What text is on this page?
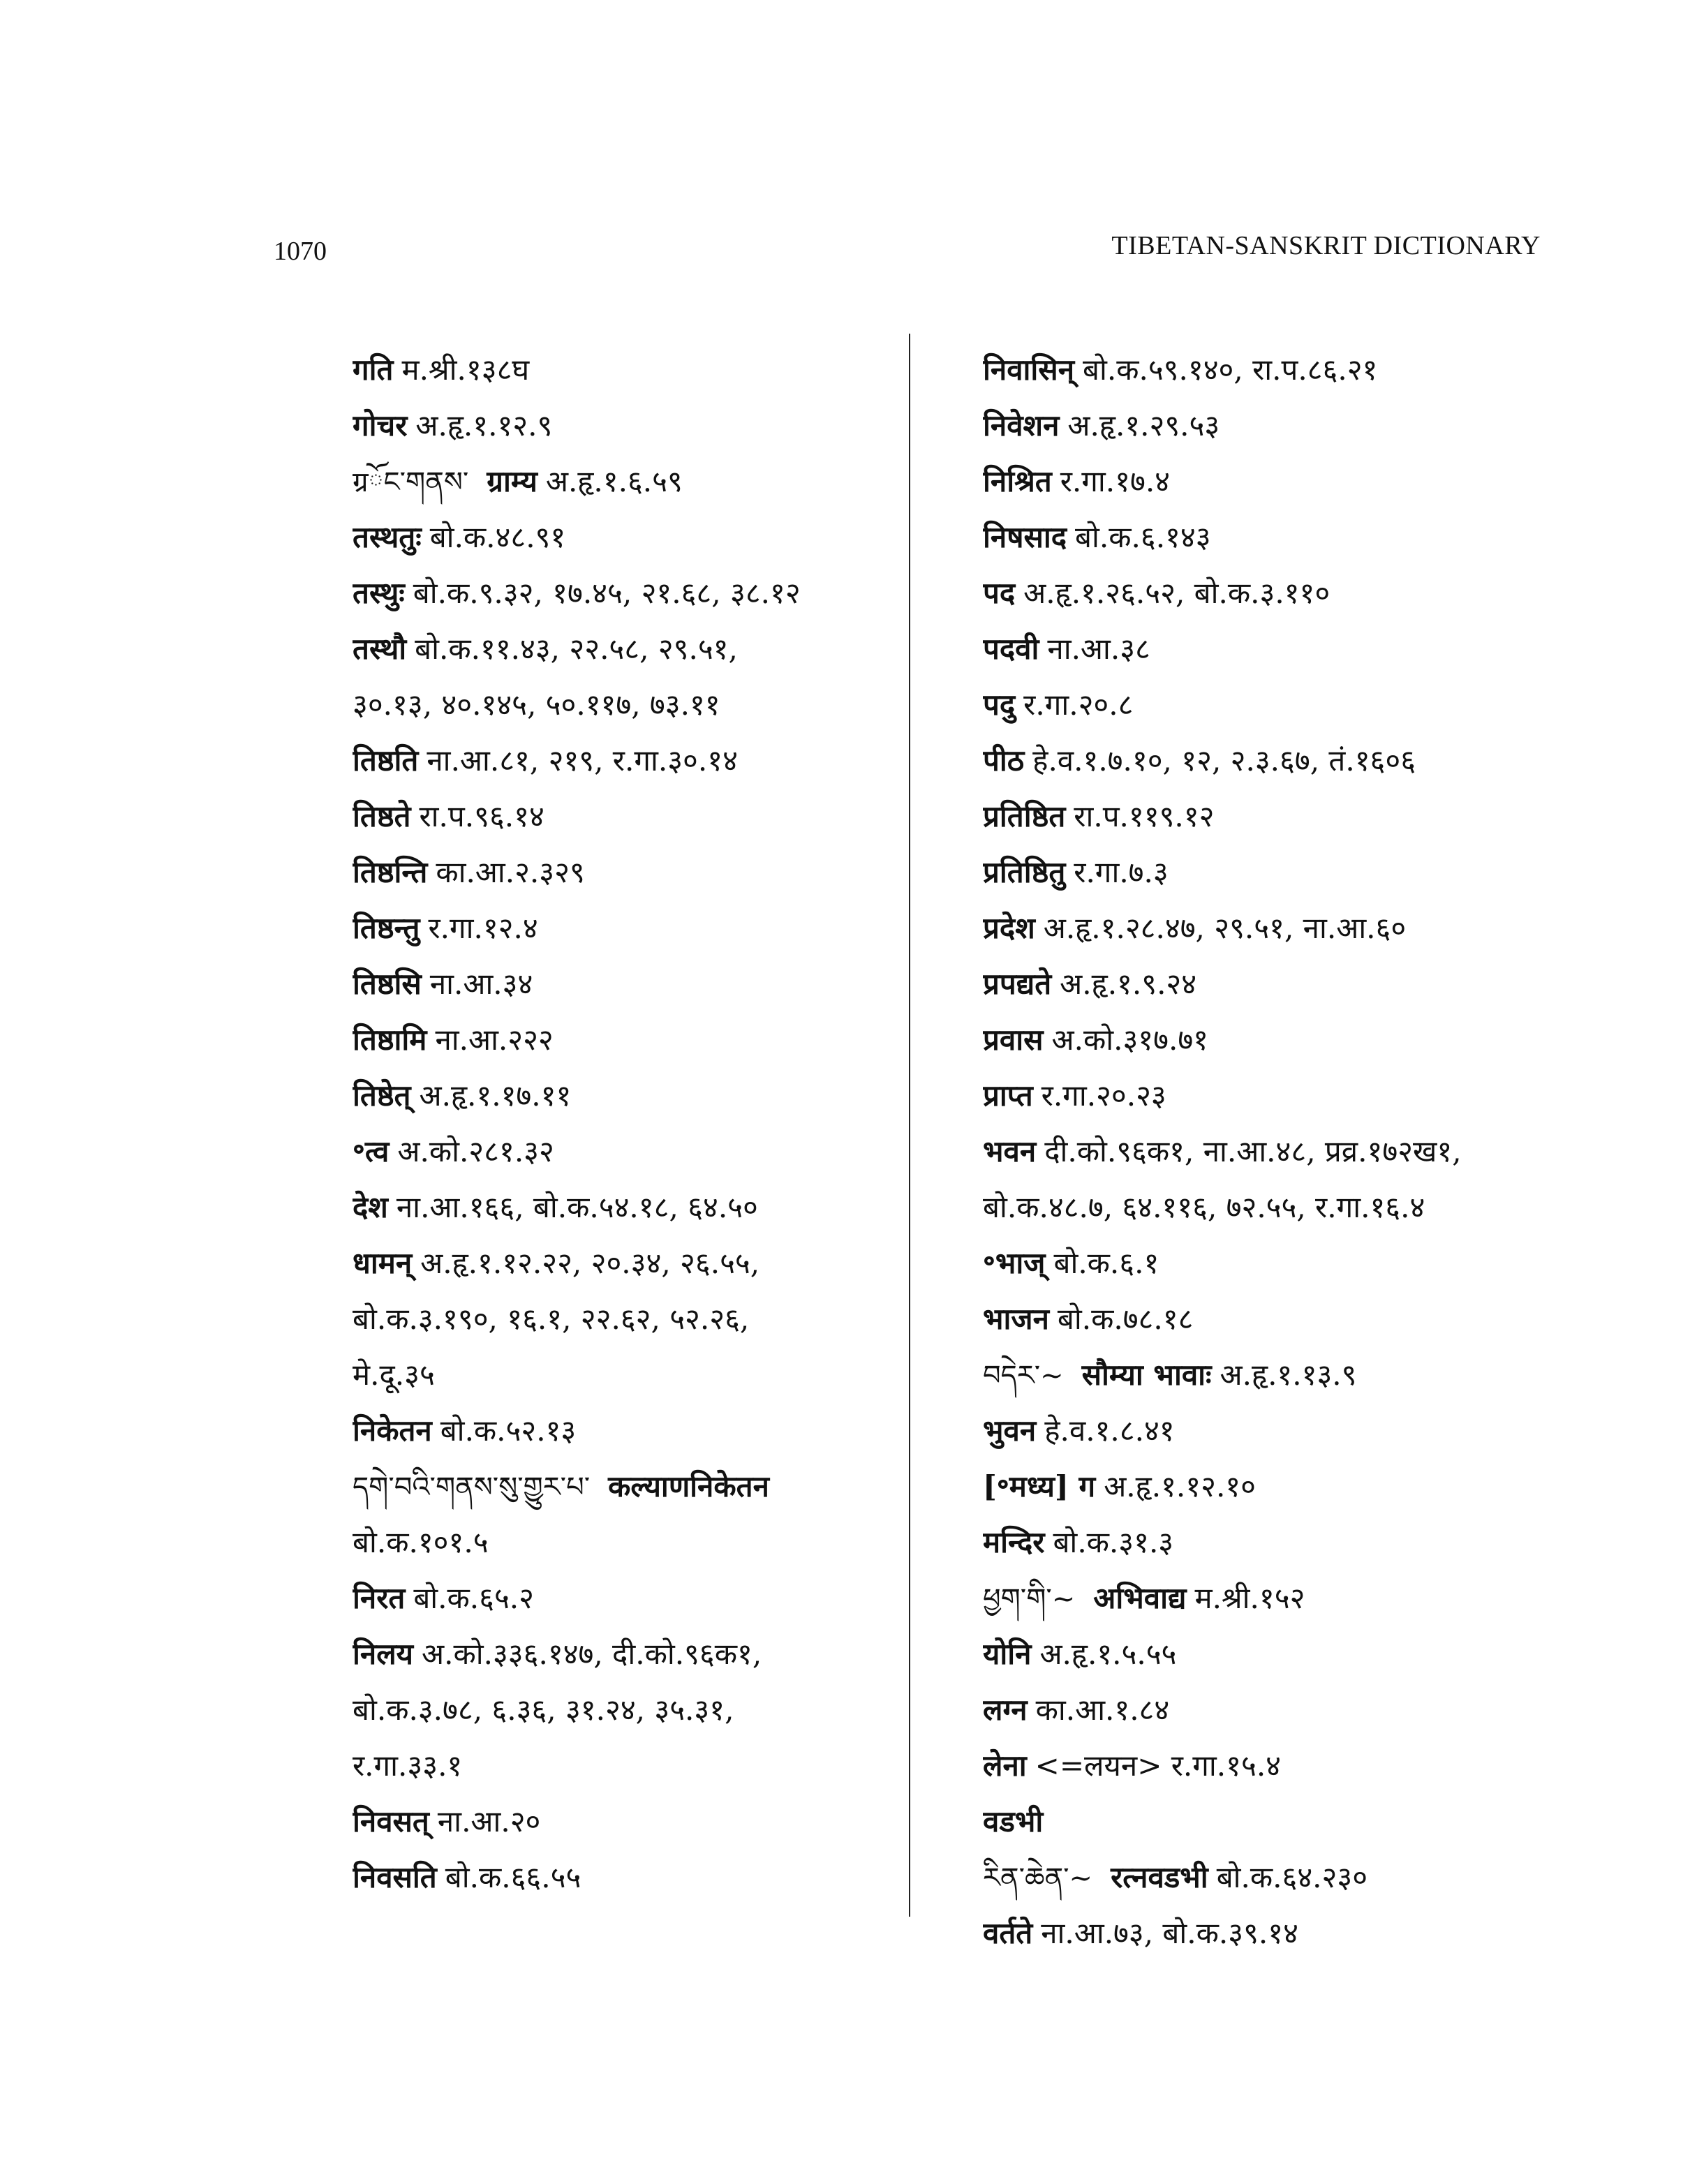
1070	TIBETAN-SANSKRIT DICTIONARY
गति म.श्री.१३८घ
गोचर अ.हृ.१.१२.९
ग्रོང་གནས་ ग्राम्य अ.हृ.१.६.५९
तस्थतुः बो.क.४८.९१
तस्थुः बो.क.९.३२, १७.४५, २१.६८, ३८.१२
तस्थौ बो.क.११.४३, २२.५८, २९.५१,
३०.१३, ४०.१४५, ५०.११७, ७३.११
तिष्ठति ना.आ.८१, २१९, र.गा.३०.१४
तिष्ठते रा.प.९६.१४
तिष्ठन्ति का.आ.२.३२९
तिष्ठन्तु र.गा.१२.४
तिष्ठसि ना.आ.३४
तिष्ठामि ना.आ.२२२
तिष्ठेत् अ.हृ.१.१७.११
॰त्व अ.को.२८१.३२
देश ना.आ.१६६, बो.क.५४.१८, ६४.५०
धामन् अ.हृ.१.१२.२२, २०.३४, २६.५५,
बो.क.३.१९०, १६.१, २२.६२, ५२.२६,
मे.दू.३५
निकेतन बो.क.५२.१३
དགེ་བའི་གནས་སུ་གྱུར་པ་ कल्याणनिकेतन
बो.क.१०१.५
निरत बो.क.६५.२
निलय अ.को.३३६.१४७, दी.को.९६क१,
बो.क.३.७८, ६.३६, ३१.२४, ३५.३१,
र.गा.३३.१
निवसत् ना.आ.२०
निवसति बो.क.६६.५५
निवासिन् बो.क.५९.१४०, रा.प.८६.२१
निवेशन अ.हृ.१.२९.५३
निश्रित र.गा.१७.४
निषसाद बो.क.६.१४३
पद अ.हृ.१.२६.५२, बो.क.३.११०
पदवी ना.आ.३८
पदु र.गा.२०.८
पीठ हे.व.१.७.१०, १२, २.३.६७, तं.१६०६
प्रतिष्ठित रा.प.११९.१२
प्रतिष्ठितु र.गा.७.३
प्रदेश अ.हृ.१.२८.४७, २९.५१, ना.आ.६०
प्रपद्यते अ.हृ.१.९.२४
प्रवास अ.को.३१७.७१
प्राप्त र.गा.२०.२३
भवन दी.को.९६क१, ना.आ.४८, प्रव्र.१७२ख१,
बो.क.४८.७, ६४.११६, ७२.५५, र.गा.१६.४
॰भाज् बो.क.६.१
भाजन बो.क.७८.१८
བདེར་~ सौम्या भावाः अ.हृ.१.१३.९
भुवन हे.व.१.८.४१
[॰मध्य] ग अ.हृ.१.१२.१०
मन्दिर बो.क.३१.३
ཕྱག་གི་~ अभिवाद्य म.श्री.१५२
योनि अ.हृ.१.५.५५
लग्न का.आ.१.८४
लेना <=लयन> र.गा.१५.४
वडभी
རིན་ཆེན་~ रत्नवडभी बो.क.६४.२३०
वर्तते ना.आ.७३, बो.क.३९.१४
